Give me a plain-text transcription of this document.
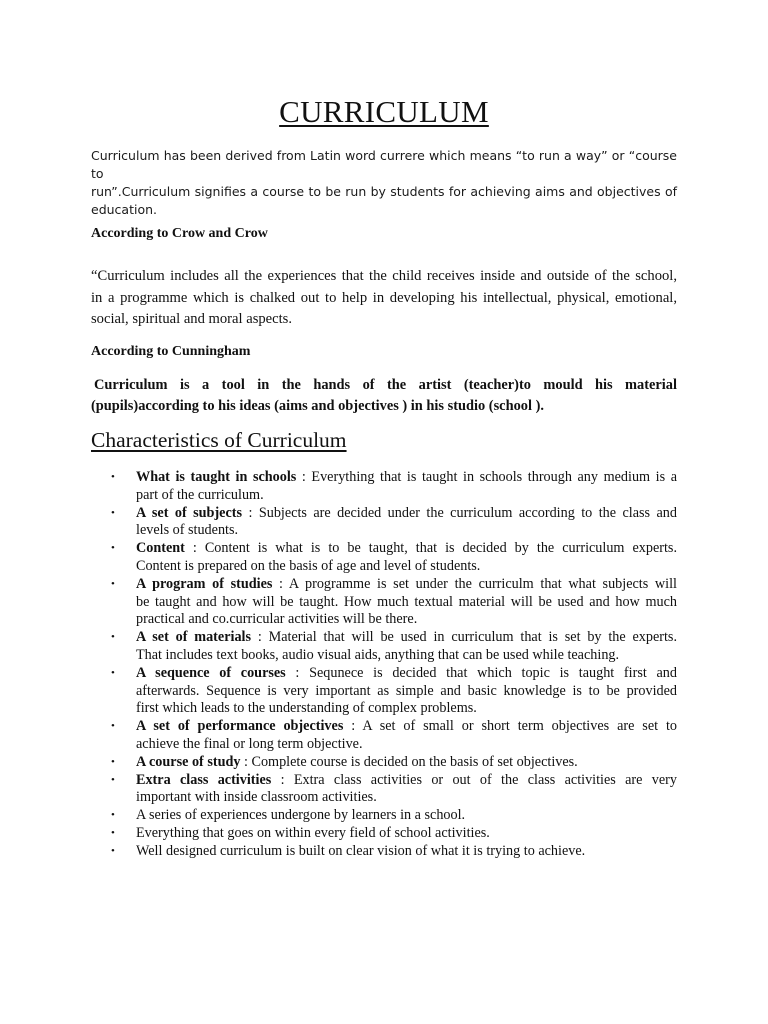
CURRICULUM
Curriculum has been derived from Latin word currere which means “to run a way” or “course to
run”.Curriculum signifies a course to be run by students for achieving aims and objectives of
education.
According to Crow and Crow
“Curriculum includes all the experiences that the child receives inside and outside of the school,
in a programme which is chalked out to help in developing his intellectual, physical, emotional,
social, spiritual and moral aspects.
According to Cunningham
Curriculum is a tool in the hands of the artist (teacher)to mould his material
(pupils)according to his ideas (aims and objectives ) in his studio (school ).
Characteristics of Curriculum
• What is taught in schools : Everything that is taught in schools through any medium is a
part of the curriculum.
• A set of subjects : Subjects are decided under the curriculum according to the class and
levels of students.
• Content : Content is what is to be taught, that is decided by the curriculum experts.
Content is prepared on the basis of age and level of students.
• A program of studies : A programme is set under the curriculm that what subjects will
be taught and how will be taught. How much textual material will be used and how much
practical and co.curricular activities will be there.
• A set of materials : Material that will be used in curriculum that is set by the experts.
That includes text books, audio visual aids, anything that can be used while teaching.
• A sequence of courses : Sequnece is decided that which topic is taught first and
afterwards. Sequence is very important as simple and basic knowledge is to be provided
first which leads to the understanding of complex problems.
• A set of performance objectives : A set of small or short term objectives are set to
achieve the final or long term objective.
• A course of study : Complete course is decided on the basis of set objectives.
• Extra class activities : Extra class activities or out of the class activities are very
important with inside classroom activities.
• A series of experiences undergone by learners in a school.
• Everything that goes on within every field of school activities.
• Well designed curriculum is built on clear vision of what it is trying to achieve.
